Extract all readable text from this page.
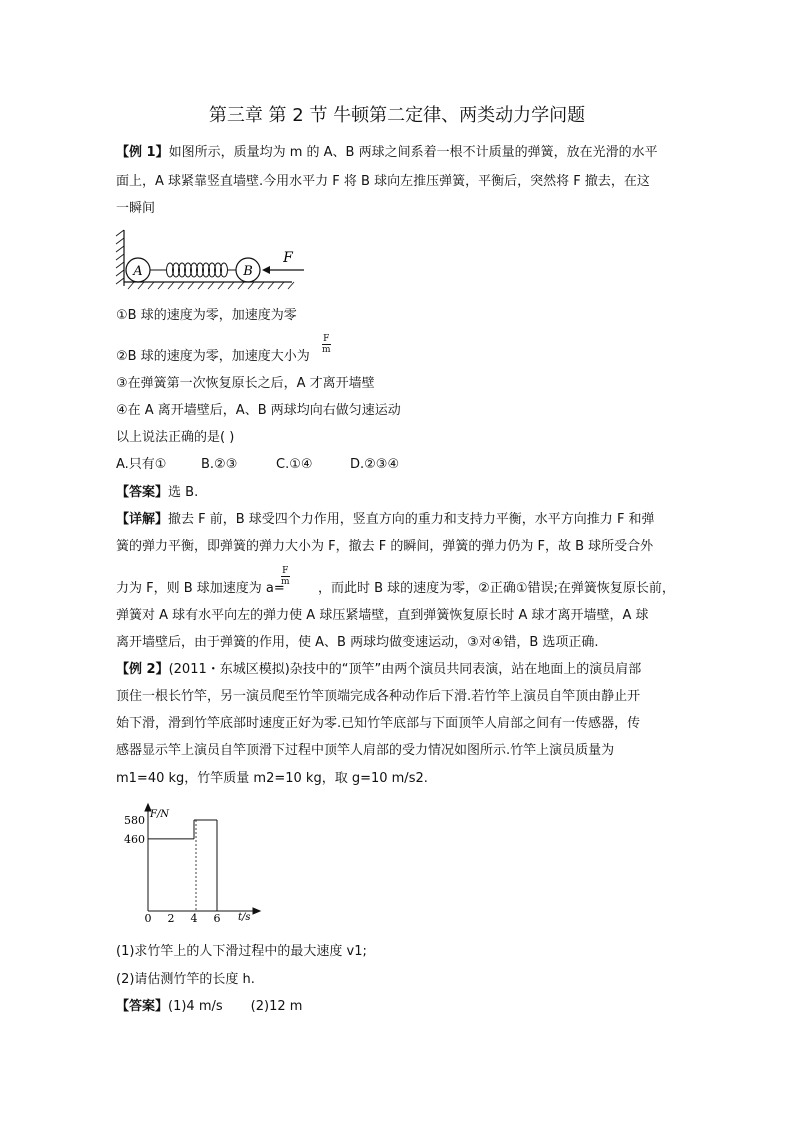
第三章 第 2 节 牛顿第二定律、两类动力学问题
【例 1】如图所示，质量均为 m 的 A、B 两球之间系着一根不计质量的弹簧，放在光滑的水平
面上，A 球紧靠竖直墙壁.今用水平力 F 将 B 球向左推压弹簧，平衡后，突然将 F 撤去，在这
一瞬间
A	B
F
①B 球的速度为零，加速度为零
②B 球的速度为零，加速度大小为
$\frac{F}{m}$
③在弹簧第一次恢复原长之后，A 才离开墙壁
④在 A 离开墙壁后，A、B 两球均向右做匀速运动
以上说法正确的是( )
A.只有①	B.②③	C.①④	D.②③④
【答案】选 B.
【详解】撤去 F 前，B 球受四个力作用，竖直方向的重力和支持力平衡，水平方向推力 F 和弹
簧的弹力平衡，即弹簧的弹力大小为 F，撤去 F 的瞬间，弹簧的弹力仍为 F，故 B 球所受合外
力为 F，则 B 球加速度为 a=
$\frac{F}{m}$
，而此时 B 球的速度为零，②正确①错误;在弹簧恢复原长前，
弹簧对 A 球有水平向左的弹力使 A 球压紧墙壁，直到弹簧恢复原长时 A 球才离开墙壁，A 球
离开墙壁后，由于弹簧的作用，使 A、B 两球均做变速运动，③对④错，B 选项正确.
【例 2】(2011・东城区模拟)杂技中的“顶竿”由两个演员共同表演，站在地面上的演员肩部
顶住一根长竹竿，另一演员爬至竹竿顶端完成各种动作后下滑.若竹竿上演员自竿顶由静止开
始下滑，滑到竹竿底部时速度正好为零.已知竹竿底部与下面顶竿人肩部之间有一传感器，传
感器显示竿上演员自竿顶滑下过程中顶竿人肩部的受力情况如图所示.竹竿上演员质量为
m1=40 kg，竹竿质量 m2=10 kg，取 g=10 m/s2.
F/N
t/s
460
580
0 2 4 6
(1)求竹竿上的人下滑过程中的最大速度 v1;
(2)请估测竹竿的长度 h.
【答案】(1)4 m/s (2)12 m
